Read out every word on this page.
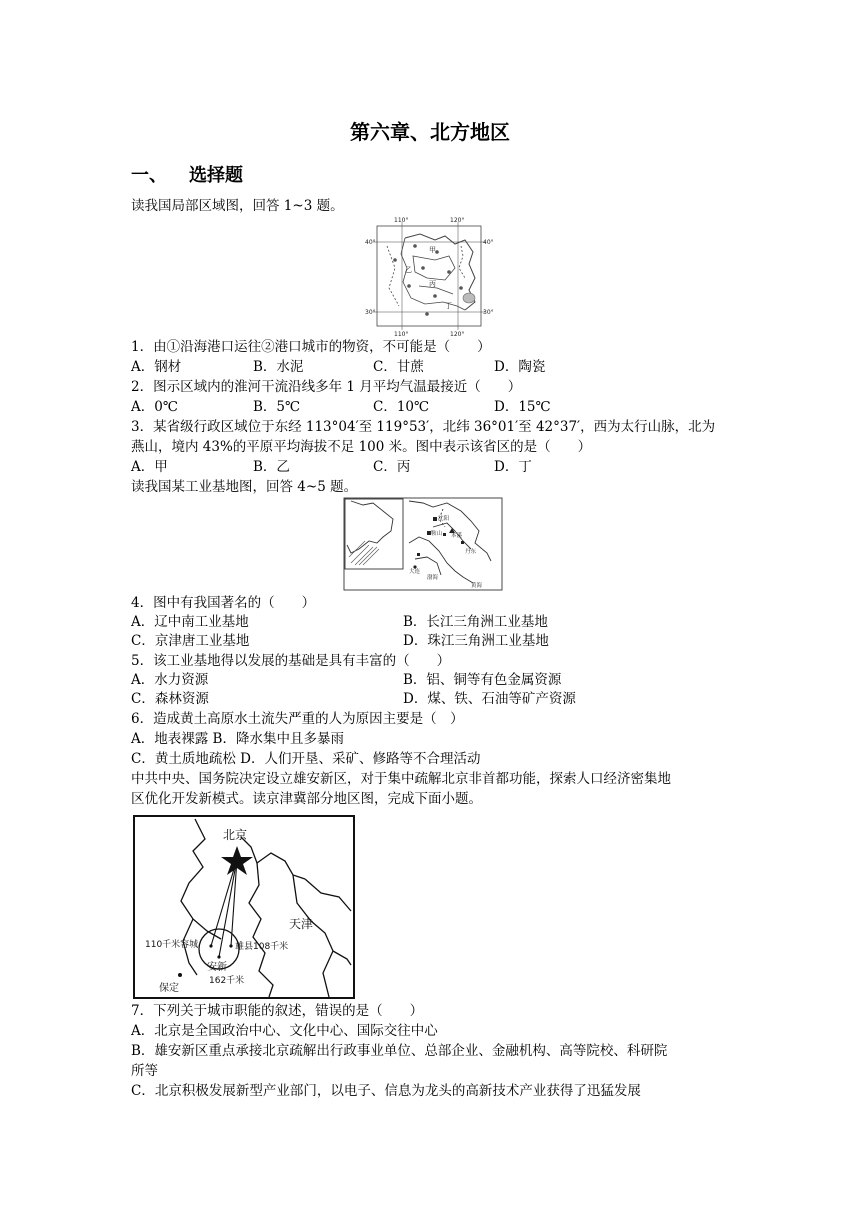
第六章、北方地区
一、 选择题
读我国局部区域图，回答 1~3 题。
110°	120°
110°	120°
40°
30°
40°
30°
甲
乙
丙
丁
1．由①沿海港口运往②港口城市的物资，不可能是（　　）
A．钢材	B．水泥	C．甘蔗	D．陶瓷
2．图示区域内的淮河干流沿线多年 1 月平均气温最接近（　　）
A．0℃	B．5℃	C．10℃	D．15℃
3．某省级行政区域位于东经 113°04′至 119°53′，北纬 36°01′至 42°37′，西为太行山脉，北为
燕山，境内 43%的平原平均海拔不足 100 米。图中表示该省区的是（　　）
A．甲	B．乙	C．丙	D．丁
读我国某工业基地图，回答 4~5 题。
沈阳
鞍山 本溪
大连
渤海
黄海
丹东
4．图中有我国著名的（　　）
A．辽中南工业基地	B．长江三角洲工业基地
C．京津唐工业基地	D．珠江三角洲工业基地
5．该工业基地得以发展的基础是具有丰富的（　　）
A．水力资源	B．铝、铜等有色金属资源
C．森林资源	D．煤、铁、石油等矿产资源
6．造成黄土高原水土流失严重的人为原因主要是（　）
A．地表裸露 B．降水集中且多暴雨
C．黄土质地疏松 D．人们开垦、采矿、修路等不合理活动
中共中央、国务院决定设立雄安新区，对于集中疏解北京非首都功能，探索人口经济密集地
区优化开发新模式。读京津冀部分地区图，完成下面小题。
北京
天津
110千米容城	雄县108千米
安新
162千米
保定
7．下列关于城市职能的叙述，错误的是（　　）
A．北京是全国政治中心、文化中心、国际交往中心
B．雄安新区重点承接北京疏解出行政事业单位、总部企业、金融机构、高等院校、科研院
所等
C．北京积极发展新型产业部门，以电子、信息为龙头的高新技术产业获得了迅猛发展
